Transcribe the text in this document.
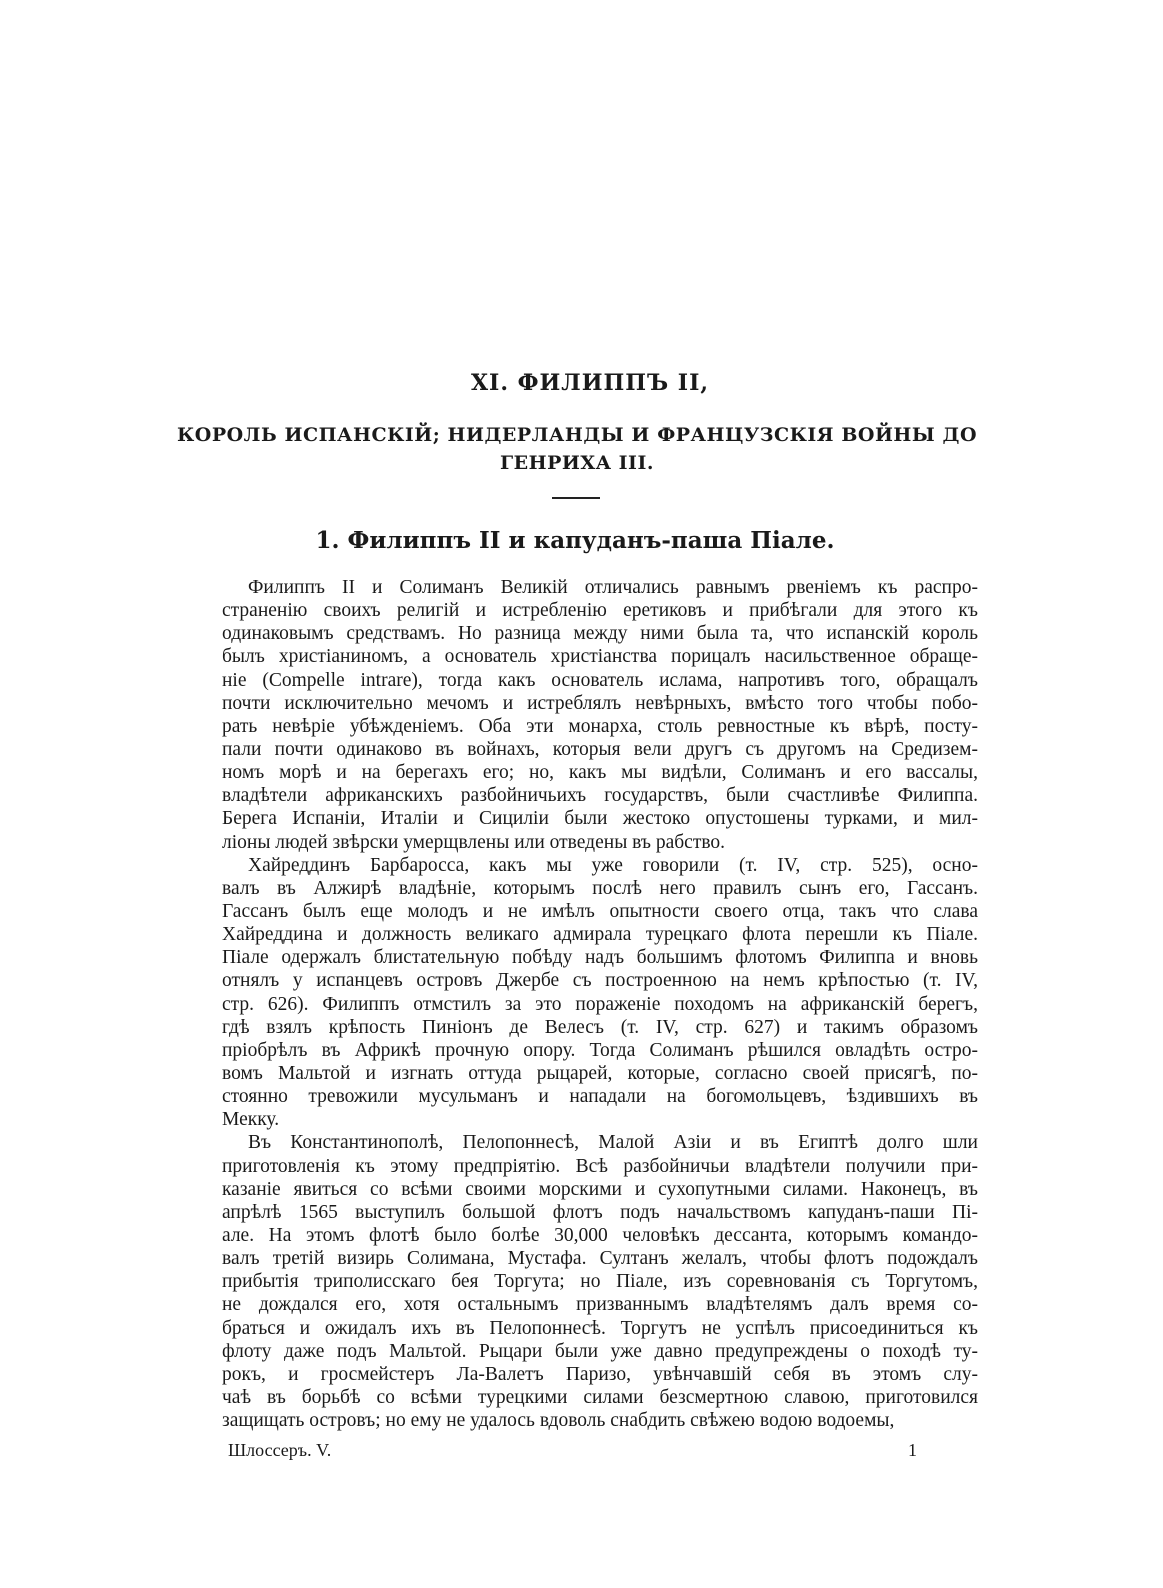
XI. ФИЛИППЪ II,
КОРОЛЬ ИСПАНСКІЙ; НИДЕРЛАНДЫ И ФРАНЦУЗСКІЯ ВОЙНЫ ДО
ГЕНРИХА III.
1. Филиппъ II и капуданъ-паша Піале.
Филиппъ II и Солиманъ Великій отличались равнымъ рвеніемъ къ распро-
страненію своихъ религій и истребленію еретиковъ и прибѣгали для этого къ
одинаковымъ средствамъ. Но разница между ними была та, что испанскій король
былъ христіаниномъ, а основатель христіанства порицалъ насильственное обраще-
ніе (Compelle intrare), тогда какъ основатель ислама, напротивъ того, обращалъ
почти исключительно мечомъ и истреблялъ невѣрныхъ, вмѣсто того чтобы побо-
рать невѣріе убѣжденіемъ. Оба эти монарха, столь ревностные къ вѣрѣ, посту-
пали почти одинаково въ войнахъ, которыя вели другъ съ другомъ на Средизем-
номъ морѣ и на берегахъ его; но, какъ мы видѣли, Солиманъ и его вассалы,
владѣтели африканскихъ разбойничьихъ государствъ, были счастливѣе Филиппа.
Берега Испаніи, Италіи и Сициліи были жестоко опустошены турками, и мил-
ліоны людей звѣрски умерщвлены или отведены въ рабство.
Хайреддинъ Барбаросса, какъ мы уже говорили (т. IV, стр. 525), осно-
валъ въ Алжирѣ владѣніе, которымъ послѣ него правилъ сынъ его, Гассанъ.
Гассанъ былъ еще молодъ и не имѣлъ опытности своего отца, такъ что слава
Хайреддина и должность великаго адмирала турецкаго флота перешли къ Піале.
Піале одержалъ блистательную побѣду надъ большимъ флотомъ Филиппа и вновь
отнялъ у испанцевъ островъ Джербе съ построенною на немъ крѣпостью (т. IV,
стр. 626). Филиппъ отмстилъ за это пораженіе походомъ на африканскій берегъ,
гдѣ взялъ крѣпость Пиніонъ де Велесъ (т. IV, стр. 627) и такимъ образомъ
пріобрѣлъ въ Африкѣ прочную опору. Тогда Солиманъ рѣшился овладѣть остро-
вомъ Мальтой и изгнать оттуда рыцарей, которые, согласно своей присягѣ, по-
стоянно тревожили мусульманъ и нападали на богомольцевъ, ѣздившихъ въ
Мекку.
Въ Константинополѣ, Пелопоннесѣ, Малой Азіи и въ Египтѣ долго шли
приготовленія къ этому предпріятію. Всѣ разбойничьи владѣтели получили при-
казаніе явиться со всѣми своими морскими и сухопутными силами. Наконецъ, въ
апрѣлѣ 1565 выступилъ большой флотъ подъ начальствомъ капуданъ-паши Пі-
але. На этомъ флотѣ было болѣе 30,000 человѣкъ дессанта, которымъ командо-
валъ третій визирь Солимана, Мустафа. Султанъ желалъ, чтобы флотъ подождалъ
прибытія триполисскаго бея Торгута; но Піале, изъ соревнованія съ Торгутомъ,
не дождался его, хотя остальнымъ призваннымъ владѣтелямъ далъ время со-
браться и ожидалъ ихъ въ Пелопоннесѣ. Торгутъ не успѣлъ присоединиться къ
флоту даже подъ Мальтой. Рыцари были уже давно предупреждены о походѣ ту-
рокъ, и гросмейстеръ Ла-Валетъ Паризо, увѣнчавшій себя въ этомъ слу-
чаѣ въ борьбѣ со всѣми турецкими силами безсмертною славою, приготовился
защищать островъ; но ему не удалось вдоволь снабдить свѣжею водою водоемы,
Шлоссеръ. V.	1
